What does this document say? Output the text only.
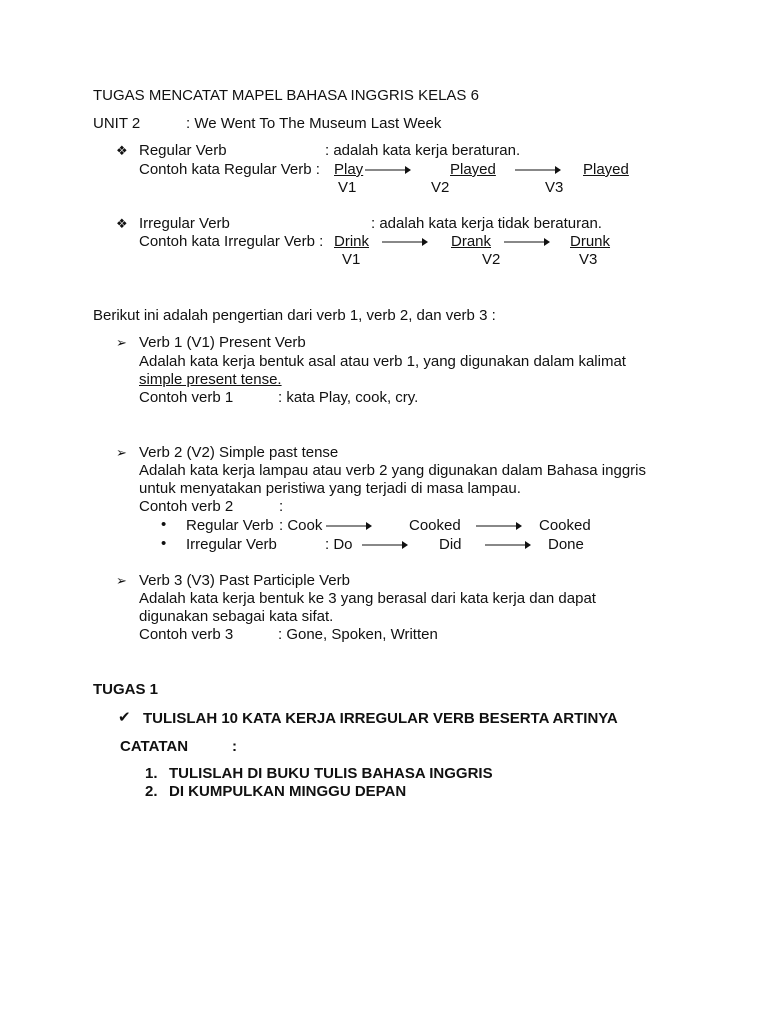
TUGAS MENCATAT MAPEL BAHASA INGGRIS KELAS 6
UNIT 2	: We Went To The Museum Last Week
❖ Regular Verb	: adalah kata kerja beraturan.
Contoh kata Regular Verb : Play	Played	Played
V1	V2	V3
❖ Irregular Verb	: adalah kata kerja tidak beraturan.
Contoh kata Irregular Verb : Drink	Drank	Drunk
V1	V2	V3
Berikut ini adalah pengertian dari verb 1, verb 2, dan verb 3 :
➢ Verb 1 (V1) Present Verb
Adalah kata kerja bentuk asal atau verb 1, yang digunakan dalam kalimat
simple present tense.
Contoh verb 1	: kata Play, cook, cry.
➢ Verb 2 (V2) Simple past tense
Adalah kata kerja lampau atau verb 2 yang digunakan dalam Bahasa inggris
untuk menyatakan peristiwa yang terjadi di masa lampau.
Contoh verb 2	:
• Regular Verb : Cook	Cooked	Cooked
• Irregular Verb	: Do	Did	Done
➢ Verb 3 (V3) Past Participle Verb
Adalah kata kerja bentuk ke 3 yang berasal dari kata kerja dan dapat
digunakan sebagai kata sifat.
Contoh verb 3	: Gone, Spoken, Written
TUGAS 1
✔ TULISLAH 10 KATA KERJA IRREGULAR VERB BESERTA ARTINYA
CATATAN	:
1. TULISLAH DI BUKU TULIS BAHASA INGGRIS
2. DI KUMPULKAN MINGGU DEPAN
